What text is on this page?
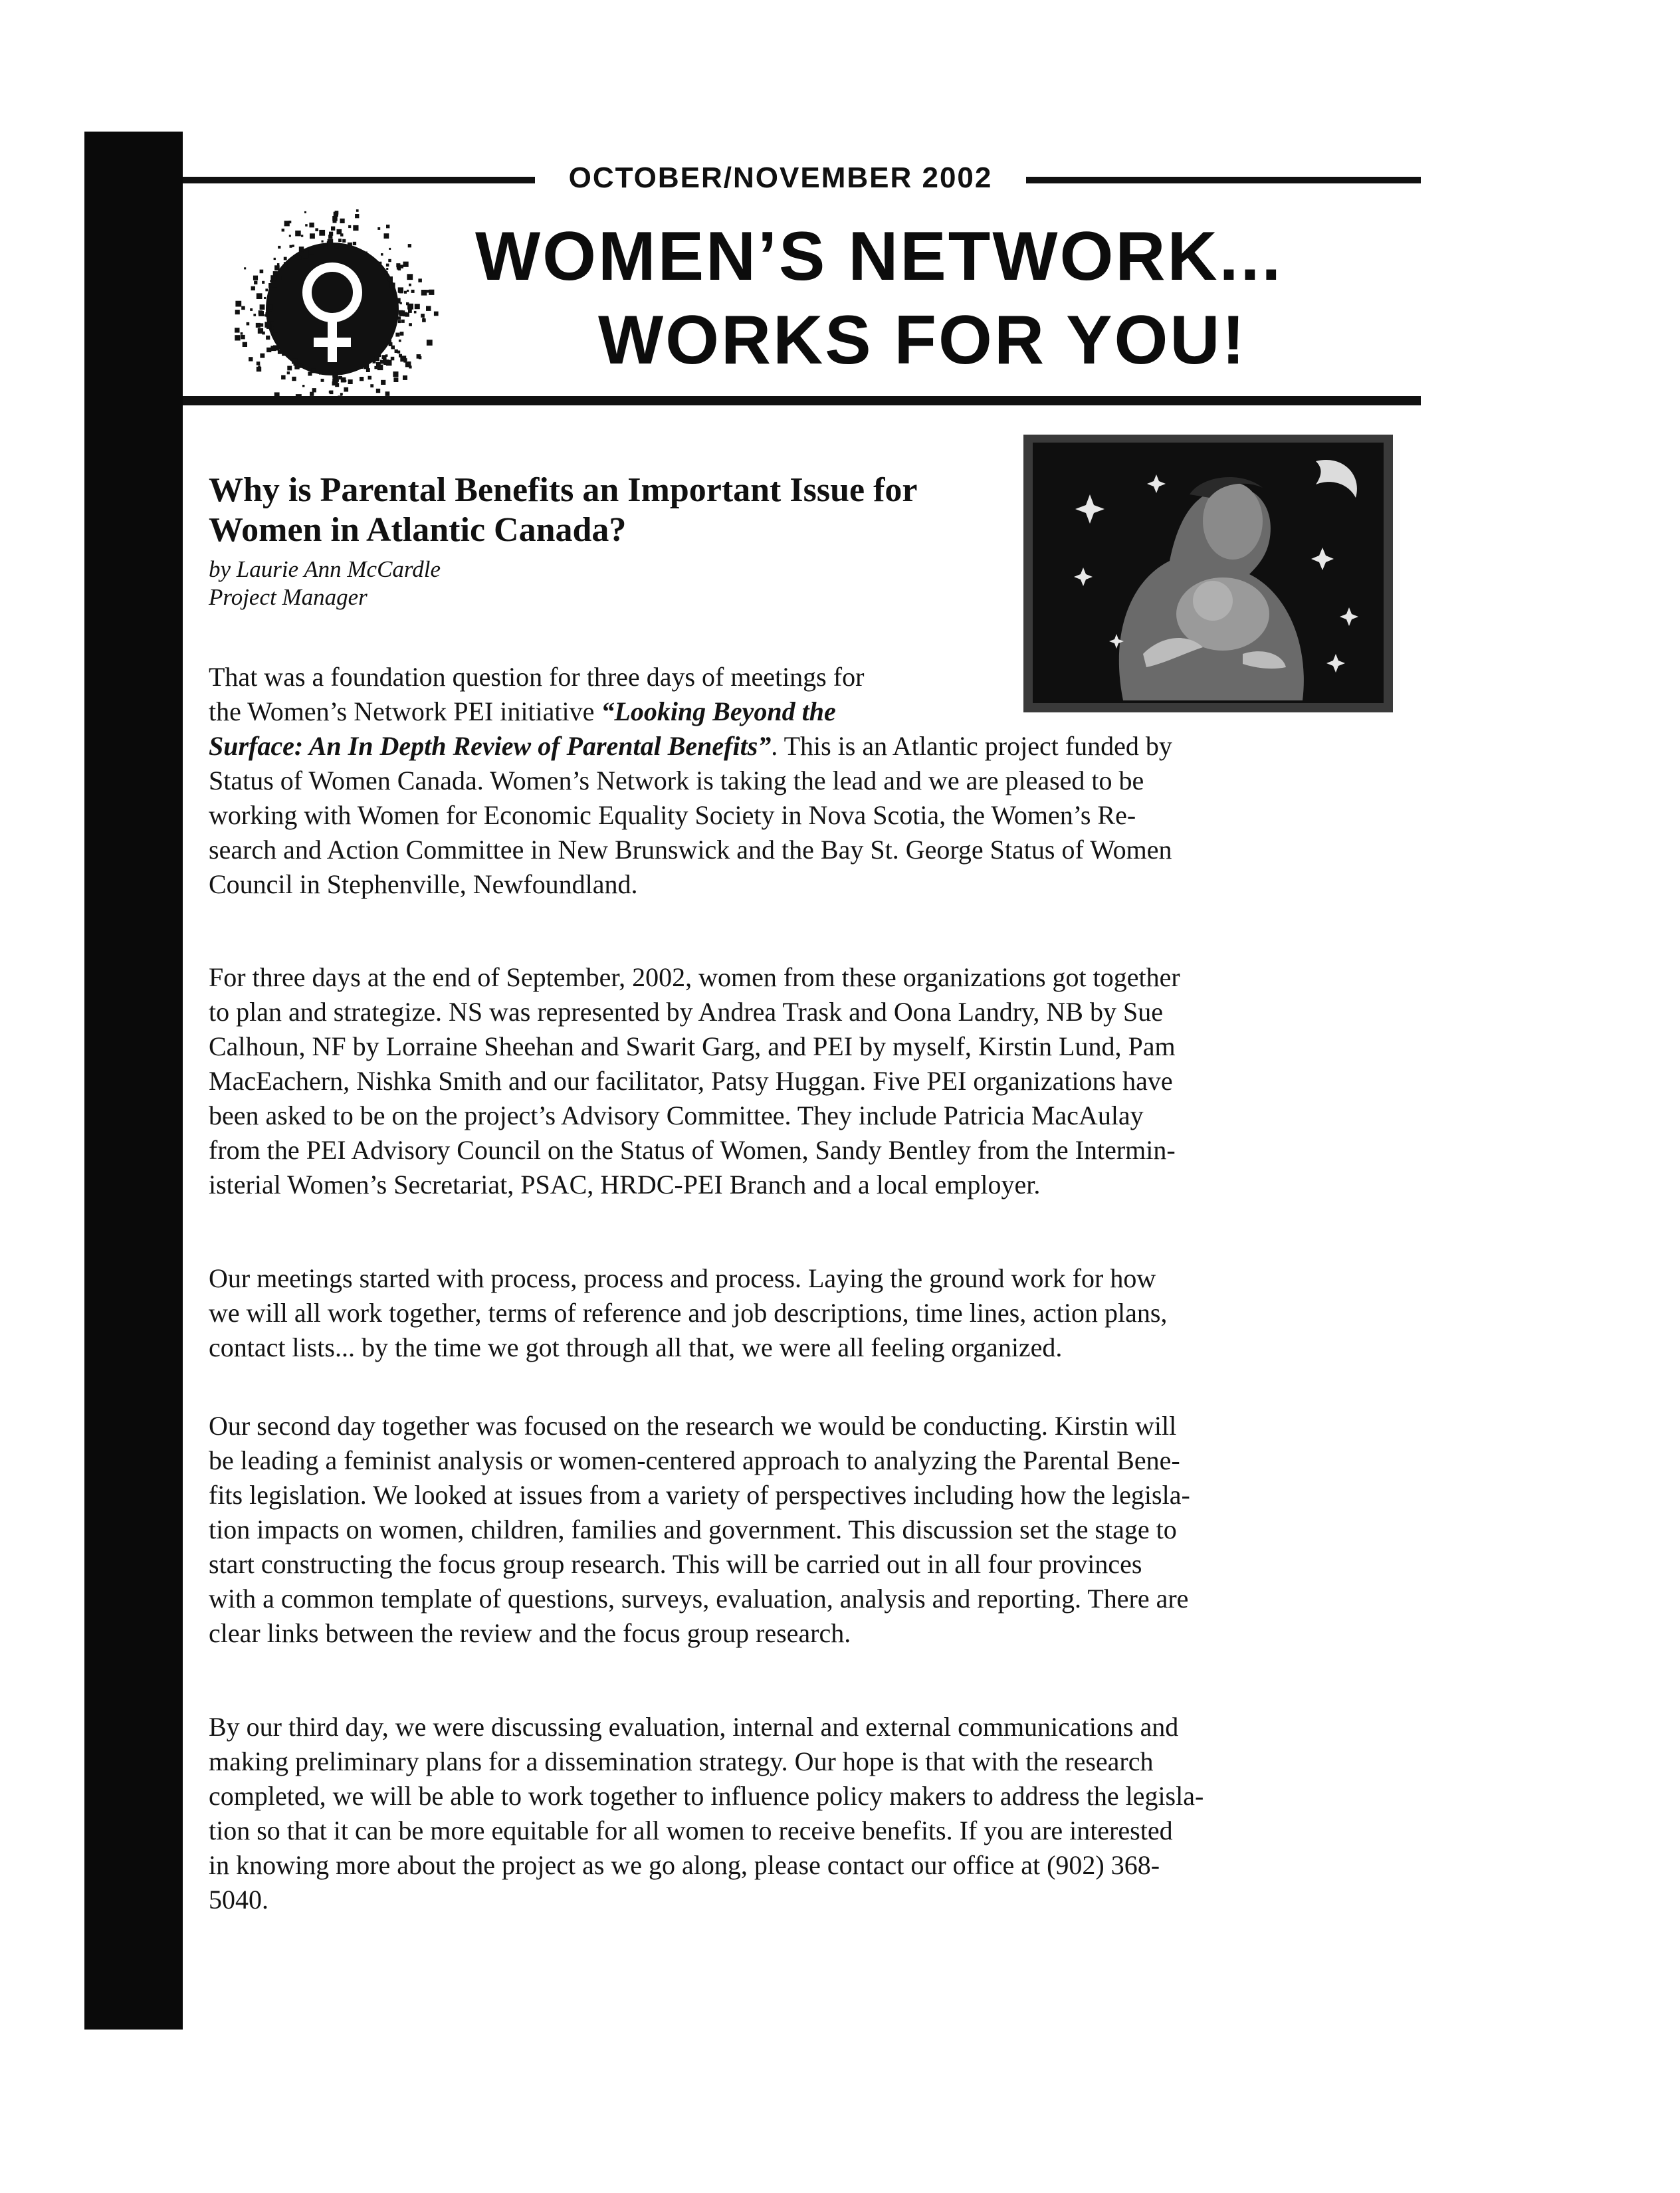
OCTOBER/NOVEMBER 2002
WOMEN’S NETWORK...
WORKS FOR YOU!
Why is Parental Benefits an Important Issue for Women in Atlantic Canada?
by Laurie Ann McCardle
Project Manager
That was a foundation question for three days of meetings for
the Women’s Network PEI initiative “Looking Beyond the
Surface: An In Depth Review of Parental Benefits”. This is an Atlantic project funded by
Status of Women Canada. Women’s Network is taking the lead and we are pleased to be
working with Women for Economic Equality Society in Nova Scotia, the Women’s Re-
search and Action Committee in New Brunswick and the Bay St. George Status of Women
Council in Stephenville, Newfoundland.
For three days at the end of September, 2002, women from these organizations got together
to plan and strategize. NS was represented by Andrea Trask and Oona Landry, NB by Sue
Calhoun, NF by Lorraine Sheehan and Swarit Garg, and PEI by myself, Kirstin Lund, Pam
MacEachern, Nishka Smith and our facilitator, Patsy Huggan. Five PEI organizations have
been asked to be on the project’s Advisory Committee. They include Patricia MacAulay
from the PEI Advisory Council on the Status of Women, Sandy Bentley from the Intermin-
isterial Women’s Secretariat, PSAC, HRDC-PEI Branch and a local employer.
Our meetings started with process, process and process. Laying the ground work for how
we will all work together, terms of reference and job descriptions, time lines, action plans,
contact lists... by the time we got through all that, we were all feeling organized.
Our second day together was focused on the research we would be conducting. Kirstin will
be leading a feminist analysis or women-centered approach to analyzing the Parental Bene-
fits legislation. We looked at issues from a variety of perspectives including how the legisla-
tion impacts on women, children, families and government. This discussion set the stage to
start constructing the focus group research. This will be carried out in all four provinces
with a common template of questions, surveys, evaluation, analysis and reporting. There are
clear links between the review and the focus group research.
By our third day, we were discussing evaluation, internal and external communications and
making preliminary plans for a dissemination strategy. Our hope is that with the research
completed, we will be able to work together to influence policy makers to address the legisla-
tion so that it can be more equitable for all women to receive benefits. If you are interested
in knowing more about the project as we go along, please contact our office at (902) 368-
5040.
